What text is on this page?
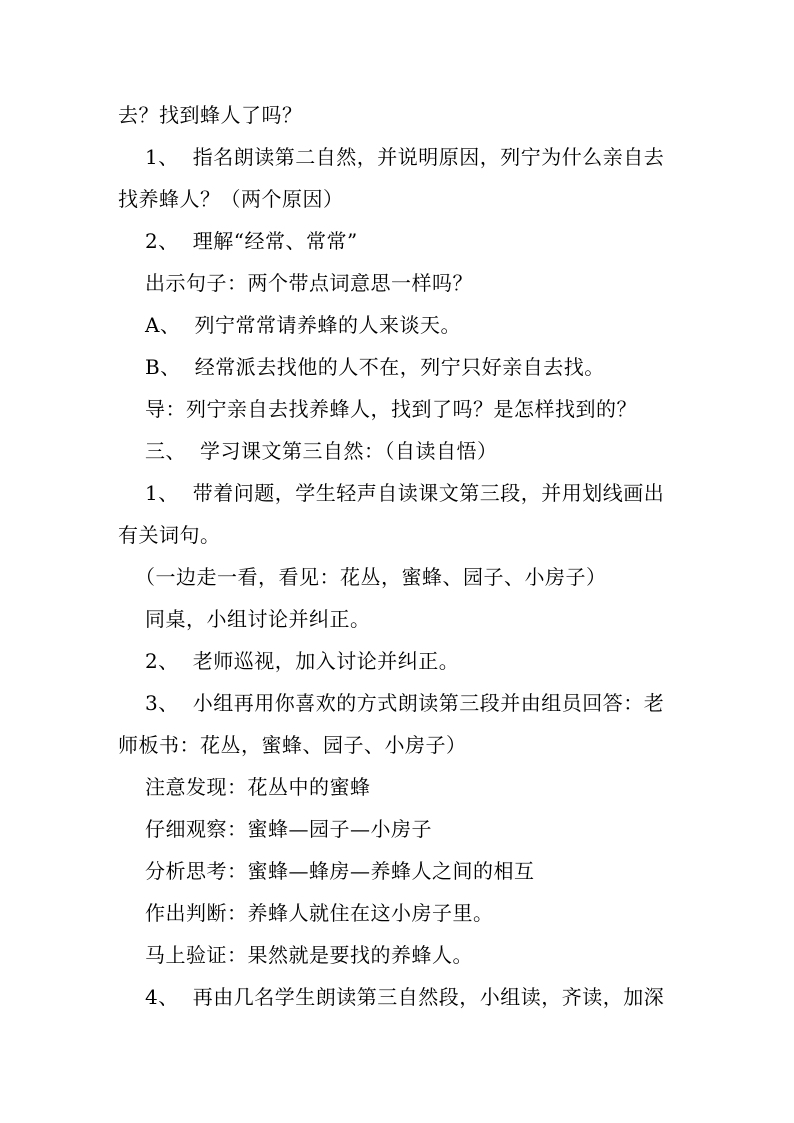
去？找到蜂人了吗？
1、 指名朗读第二自然，并说明原因，列宁为什么亲自去
找养蜂人？（两个原因）
2、 理解“经常、常常”
出示句子：两个带点词意思一样吗？
A、 列宁常常请养蜂的人来谈天。
B、 经常派去找他的人不在，列宁只好亲自去找。
导：列宁亲自去找养蜂人，找到了吗？是怎样找到的？
三、 学习课文第三自然：（自读自悟）
1、 带着问题，学生轻声自读课文第三段，并用划线画出
有关词句。
（一边走一看，看见：花丛，蜜蜂、园子、小房子）
同桌，小组讨论并纠正。
2、 老师巡视，加入讨论并纠正。
3、 小组再用你喜欢的方式朗读第三段并由组员回答：老
师板书：花丛，蜜蜂、园子、小房子）
注意发现：花丛中的蜜蜂
仔细观察：蜜蜂—园子—小房子
分析思考：蜜蜂—蜂房—养蜂人之间的相互
作出判断：养蜂人就住在这小房子里。
马上验证：果然就是要找的养蜂人。
4、 再由几名学生朗读第三自然段，小组读，齐读，加深
